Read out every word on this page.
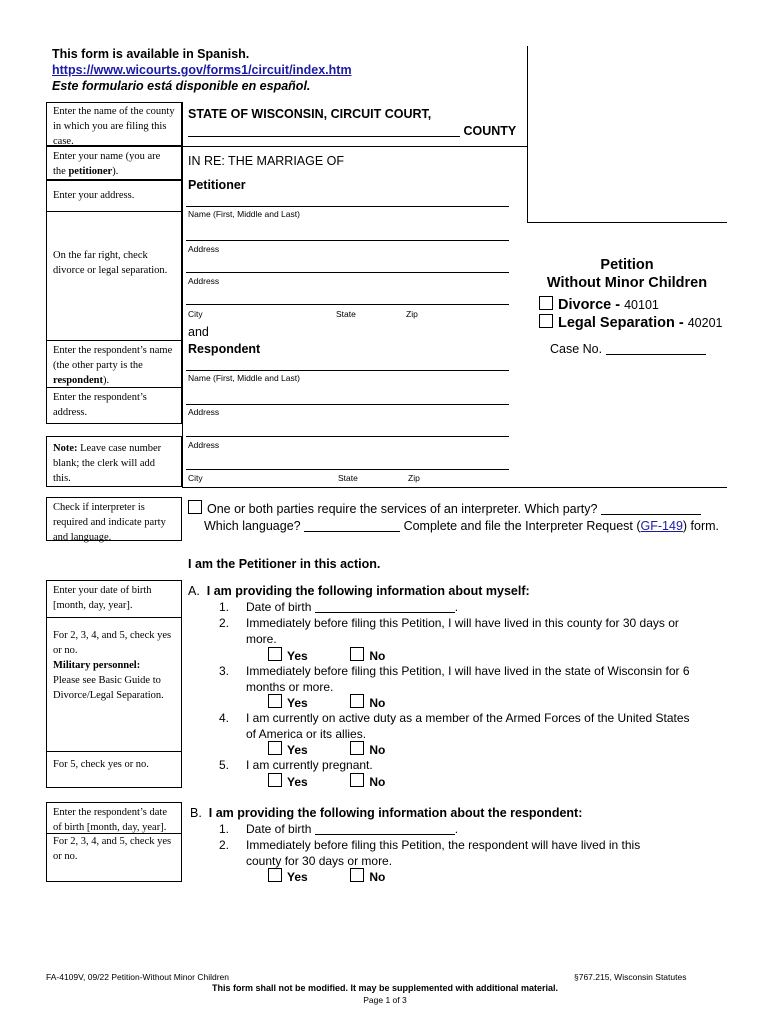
This form is available in Spanish.
https://www.wicourts.gov/forms1/circuit/index.htm
Este formulario está disponible en español.
Enter the name of the county in which you are filing this case.
Enter your name (you are the petitioner).
Enter your address.
On the far right, check divorce or legal separation.
Enter the respondent’s name (the other party is the respondent).
Enter the respondent’s address.
Note: Leave case number blank; the clerk will add this.
Check if interpreter is required and indicate party and language.
Enter your date of birth [month, day, year].
For 2, 3, 4, and 5, check yes or no.
Military personnel:
Please see Basic Guide to Divorce/Legal Separation.
For 5, check yes or no.
Enter the respondent’s date of birth [month, day, year].
For 2, 3, 4, and 5, check yes or no.
STATE OF WISCONSIN, CIRCUIT COURT,
COUNTY
IN RE: THE MARRIAGE OF
Petitioner
Name (First, Middle and Last)
Address
Address
City	State	Zip
and
Respondent
Name (First, Middle and Last)
Address
Address
City	State	Zip
Petition
Without Minor Children
Divorce - 40101
Legal Separation - 40201
Case No.
One or both parties require the services of an interpreter. Which party?
Which language?	Complete and file the Interpreter Request (GF-149) form.
I am the Petitioner in this action.
A. I am providing the following information about myself:
1. Date of birth	.
2. Immediately before filing this Petition, I will have lived in this county for 30 days or
more.
Yes	No
3. Immediately before filing this Petition, I will have lived in the state of Wisconsin for 6
months or more.
Yes	No
4. I am currently on active duty as a member of the Armed Forces of the United States
of America or its allies.
Yes	No
5. I am currently pregnant.
Yes	No
B. I am providing the following information about the respondent:
1. Date of birth	.
2. Immediately before filing this Petition, the respondent will have lived in this
county for 30 days or more.
Yes	No
FA-4109V, 09/22 Petition-Without Minor Children	§767.215, Wisconsin Statutes
This form shall not be modified. It may be supplemented with additional material.
Page 1 of 3
